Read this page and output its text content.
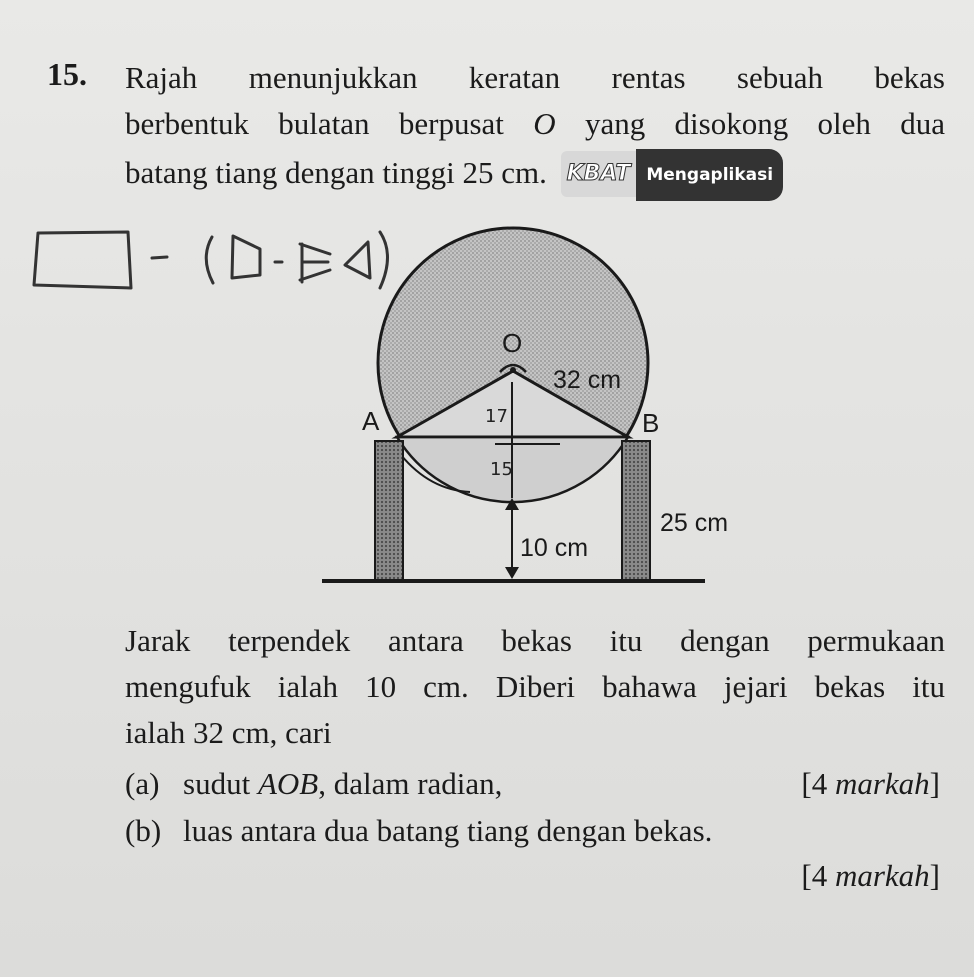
15. Rajah menunjukkan keratan rentas sebuah bekas
berbentuk bulatan berpusat O yang disokong oleh dua
batang tiang dengan tinggi 25 cm. KBAT Mengaplikasi
O
A	B
32 cm
25 cm
10 cm
17
15
Jarak terpendek antara bekas itu dengan permukaan
mengufuk ialah 10 cm. Diberi bahawa jejari bekas itu
ialah 32 cm, cari
(a) sudut AOB, dalam radian,	[4 markah]
(b) luas antara dua batang tiang dengan bekas.
[4 markah]
